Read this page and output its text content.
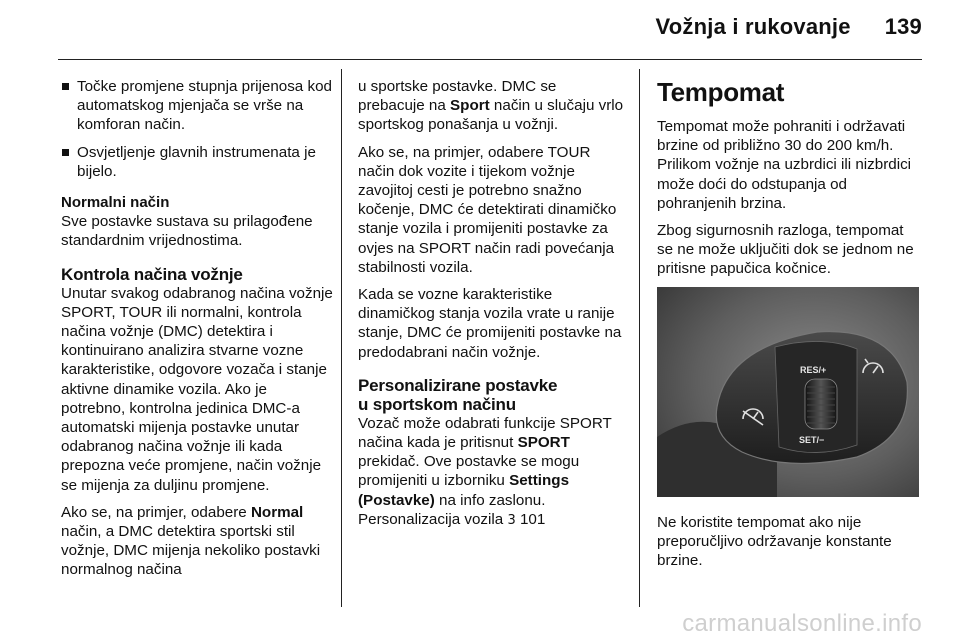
Vožnja i rukovanje 139
Točke promjene stupnja prijenosa kod automatskog mjenjača se vrše na komforan način.
Osvjetljenje glavnih instrumenata je bijelo.

Normalni način

Sve postavke sustava su prilagođene standardnim vrijednostima.

Kontrola načina vožnje

Unutar svakog odabranog načina vožnje SPORT, TOUR ili normalni, kontrola načina vožnje (DMC) detektira i kontinuirano analizira stvarne vozne karakteristike, odgovore vozača i stanje aktivne dinamike vozila. Ako je potrebno, kontrolna jedinica DMC-a automatski mijenja postavke unutar odabranog načina vožnje ili kada prepozna veće promjene, način vožnje se mijenja za duljinu promjene.

Ako se, na primjer, odabere Normal način, a DMC detektira sportski stil vožnje, DMC mijenja nekoliko postavki normalnog načina

u sportske postavke. DMC se prebacuje na Sport način u slučaju vrlo sportskog ponašanja u vožnji.

Ako se, na primjer, odabere TOUR način dok vozite i tijekom vožnje zavojitoj cesti je potrebno snažno kočenje, DMC će detektirati dinamičko stanje vozila i promijeniti postavke za ovjes na SPORT način radi povećanja stabilnosti vozila.

Kada se vozne karakteristike dinamičkog stanja vozila vrate u ranije stanje, DMC će promijeniti postavke na predodabrani način vožnje.

Personalizirane postavke
u sportskom načinu

Vozač može odabrati funkcije SPORT načina kada je pritisnut SPORT prekidač. Ove postavke se mogu promijeniti u izborniku Settings (Postavke) na info zaslonu.
Personalizacija vozila 3 101

Tempomat

Tempomat može pohraniti i održavati brzine od približno 30 do 200 km/h. Prilikom vožnje na uzbrdici ili nizbrdici može doći do odstupanja od pohranjenih brzina.

Zbog sigurnosnih razloga, tempomat se ne može uključiti dok se jednom ne pritisne papučica kočnice.

RES/+
SET/−

Ne koristite tempomat ako nije preporučljivo održavanje konstante brzine.

carmanualsonline.info
